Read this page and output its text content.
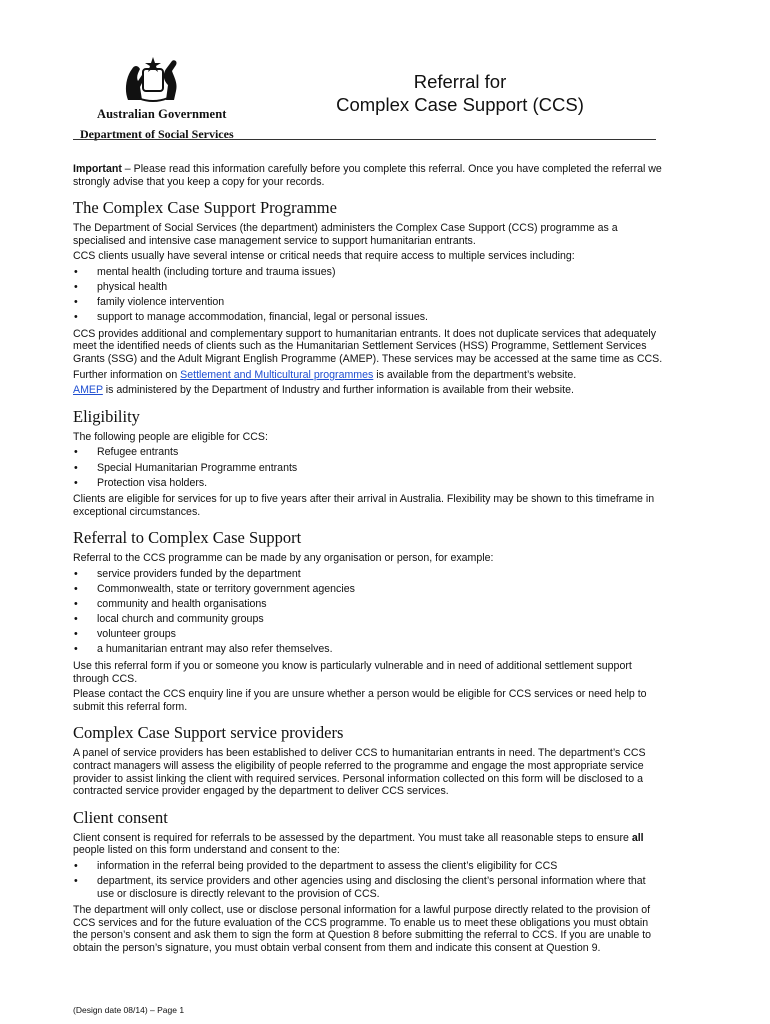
Australian Government
Department of Social Services
Referral for
Complex Case Support (CCS)

Important – Please read this information carefully before you complete this referral. Once you have completed the referral we strongly advise that you keep a copy for your records.

The Complex Case Support Programme

The Department of Social Services (the department) administers the Complex Case Support (CCS) programme as a specialised and intensive case management service to support humanitarian entrants.

CCS clients usually have several intense or critical needs that require access to multiple services including:

• mental health (including torture and trauma issues)
• physical health
• family violence intervention
• support to manage accommodation, financial, legal or personal issues.

CCS provides additional and complementary support to humanitarian entrants. It does not duplicate services that adequately meet the identified needs of clients such as the Humanitarian Settlement Services (HSS) Programme, Settlement Services Grants (SSG) and the Adult Migrant English Programme (AMEP). These services may be accessed at the same time as CCS.

Further information on Settlement and Multicultural programmes is available from the department’s website.

AMEP is administered by the Department of Industry and further information is available from their website.

Eligibility

The following people are eligible for CCS:

• Refugee entrants
• Special Humanitarian Programme entrants
• Protection visa holders.

Clients are eligible for services for up to five years after their arrival in Australia. Flexibility may be shown to this timeframe in exceptional circumstances.

Referral to Complex Case Support

Referral to the CCS programme can be made by any organisation or person, for example:

• service providers funded by the department
• Commonwealth, state or territory government agencies
• community and health organisations
• local church and community groups
• volunteer groups
• a humanitarian entrant may also refer themselves.

Use this referral form if you or someone you know is particularly vulnerable and in need of additional settlement support through CCS.

Please contact the CCS enquiry line if you are unsure whether a person would be eligible for CCS services or need help to submit this referral form.

Complex Case Support service providers

A panel of service providers has been established to deliver CCS to humanitarian entrants in need. The department’s CCS contract managers will assess the eligibility of people referred to the programme and engage the most appropriate service provider to assist linking the client with required services. Personal information collected on this form will be disclosed to a contracted service provider engaged by the department to deliver CCS services.

Client consent

Client consent is required for referrals to be assessed by the department. You must take all reasonable steps to ensure all people listed on this form understand and consent to the:

• information in the referral being provided to the department to assess the client’s eligibility for CCS
• department, its service providers and other agencies using and disclosing the client’s personal information where that use or disclosure is directly relevant to the provision of CCS.

The department will only collect, use or disclose personal information for a lawful purpose directly related to the provision of CCS services and for the future evaluation of the CCS programme. To enable us to meet these obligations you must obtain the person’s consent and ask them to sign the form at Question 8 before submitting the referral to CCS. If you are unable to obtain the person’s signature, you must obtain verbal consent from them and indicate this consent at Question 9.

(Design date 08/14) – Page 1
